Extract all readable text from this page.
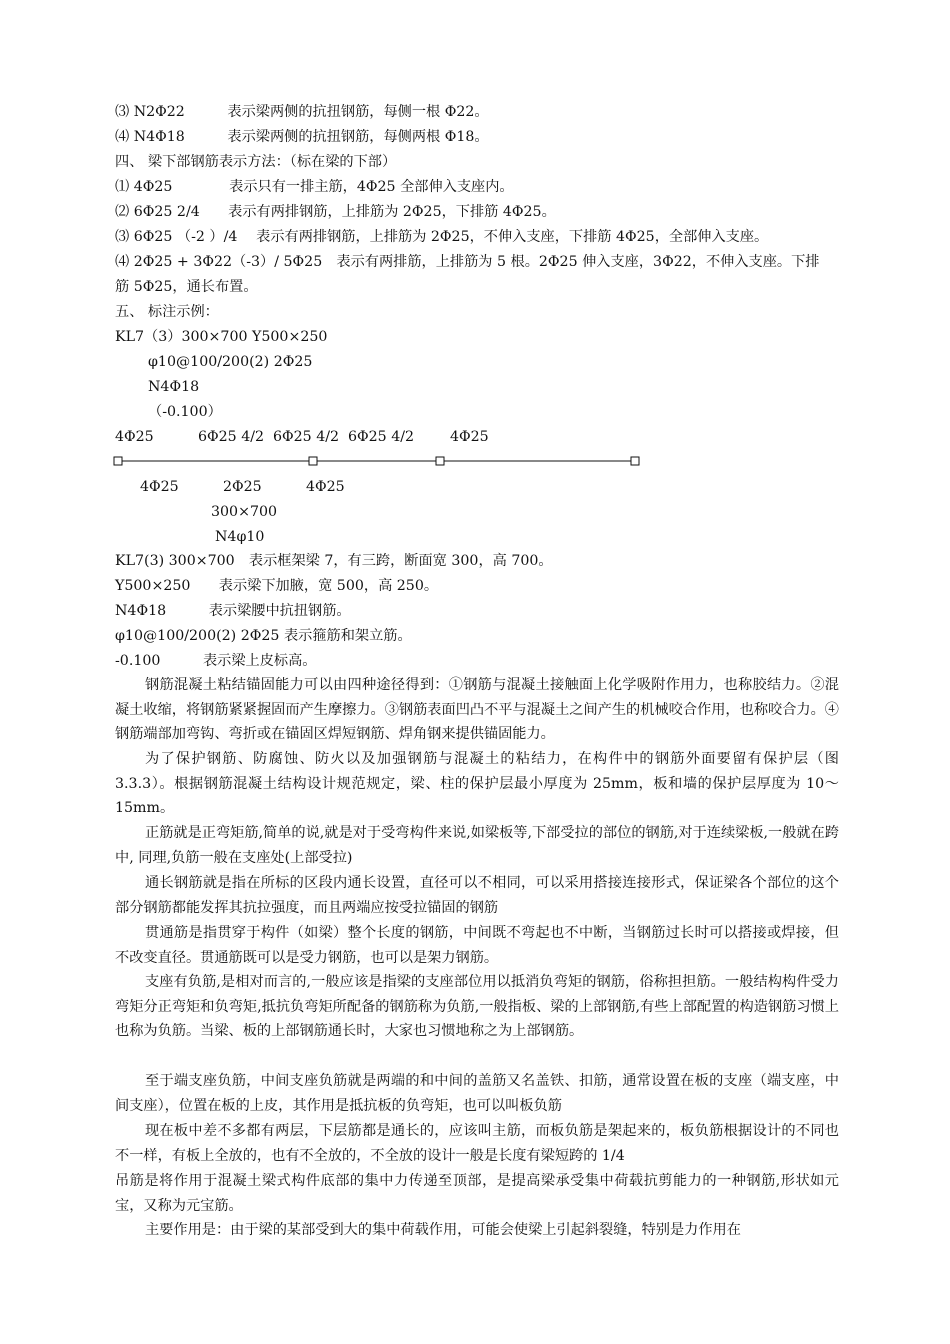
⑶ N2Φ22　　　表示梁两侧的抗扭钢筋，每侧一根 Φ22。
⑷ N4Φ18　　　表示梁两侧的抗扭钢筋，每侧两根 Φ18。
四、 梁下部钢筋表示方法：（标在梁的下部）
⑴ 4Φ25　　　　表示只有一排主筋，4Φ25 全部伸入支座内。
⑵ 6Φ25 2/4　　表示有两排钢筋，上排筋为 2Φ25，下排筋 4Φ25。
⑶ 6Φ25 （-2 ）/4　 表示有两排钢筋，上排筋为 2Φ25，不伸入支座，下排筋 4Φ25，全部伸入支座。
⑷ 2Φ25 + 3Φ22（-3）/ 5Φ25　表示有两排筋，上排筋为 5 根。2Φ25 伸入支座，3Φ22，不伸入支座。下排
筋 5Φ25，通长布置。
五、 标注示例：
KL7（3）300×700 Y500×250
φ10@100/200(2) 2Φ25
N4Φ18
（-0.100）
4Φ25	6Φ25 4/2 6Φ25 4/2 6Φ25 4/2	4Φ25
4Φ25	2Φ25	4Φ25
300×700
N4φ10
KL7(3) 300×700　表示框架梁 7，有三跨，断面宽 300，高 700。
Y500×250　　表示梁下加腋，宽 500，高 250。
N4Φ18　　　表示梁腰中抗扭钢筋。
φ10@100/200(2) 2Φ25 表示箍筋和架立筋。
-0.100　　　表示梁上皮标高。
钢筋混凝土粘结锚固能力可以由四种途径得到：①钢筋与混凝土接触面上化学吸附作用力，也称胶结力。②混凝土收缩，将钢筋紧紧握固而产生摩擦力。③钢筋表面凹凸不平与混凝土之间产生的机械咬合作用，也称咬合力。④钢筋端部加弯钩、弯折或在锚固区焊短钢筋、焊角钢来提供锚固能力。
为了保护钢筋、防腐蚀、防火以及加强钢筋与混凝土的粘结力，在构件中的钢筋外面要留有保护层（图 3.3.3）。根据钢筋混凝土结构设计规范规定，梁、柱的保护层最小厚度为 25mm，板和墙的保护层厚度为 10～15mm。
正筋就是正弯矩筋,简单的说,就是对于受弯构件来说,如梁板等,下部受拉的部位的钢筋,对于连续梁板,一般就在跨中, 同理,负筋一般在支座处(上部受拉)
通长钢筋就是指在所标的区段内通长设置，直径可以不相同，可以采用搭接连接形式，保证梁各个部位的这个部分钢筋都能发挥其抗拉强度，而且两端应按受拉锚固的钢筋
贯通筋是指贯穿于构件（如梁）整个长度的钢筋，中间既不弯起也不中断，当钢筋过长时可以搭接或焊接，但不改变直径。贯通筋既可以是受力钢筋，也可以是架力钢筋。
支座有负筋,是相对而言的,一般应该是指梁的支座部位用以抵消负弯矩的钢筋，俗称担担筋。一般结构构件受力弯矩分正弯矩和负弯矩,抵抗负弯矩所配备的钢筋称为负筋,一般指板、梁的上部钢筋,有些上部配置的构造钢筋习惯上也称为负筋。当梁、板的上部钢筋通长时，大家也习惯地称之为上部钢筋。
至于端支座负筋，中间支座负筋就是两端的和中间的盖筋又名盖铁、扣筋，通常设置在板的支座（端支座，中间支座），位置在板的上皮，其作用是抵抗板的负弯矩，也可以叫板负筋
现在板中差不多都有两层，下层筋都是通长的，应该叫主筋，而板负筋是架起来的，板负筋根据设计的不同也不一样，有板上全放的，也有不全放的，不全放的设计一般是长度有梁短跨的 1/4
吊筋是将作用于混凝土梁式构件底部的集中力传递至顶部，是提高梁承受集中荷载抗剪能力的一种钢筋,形状如元宝，又称为元宝筋。
主要作用是：由于梁的某部受到大的集中荷载作用，可能会使梁上引起斜裂缝，特别是力作用在
